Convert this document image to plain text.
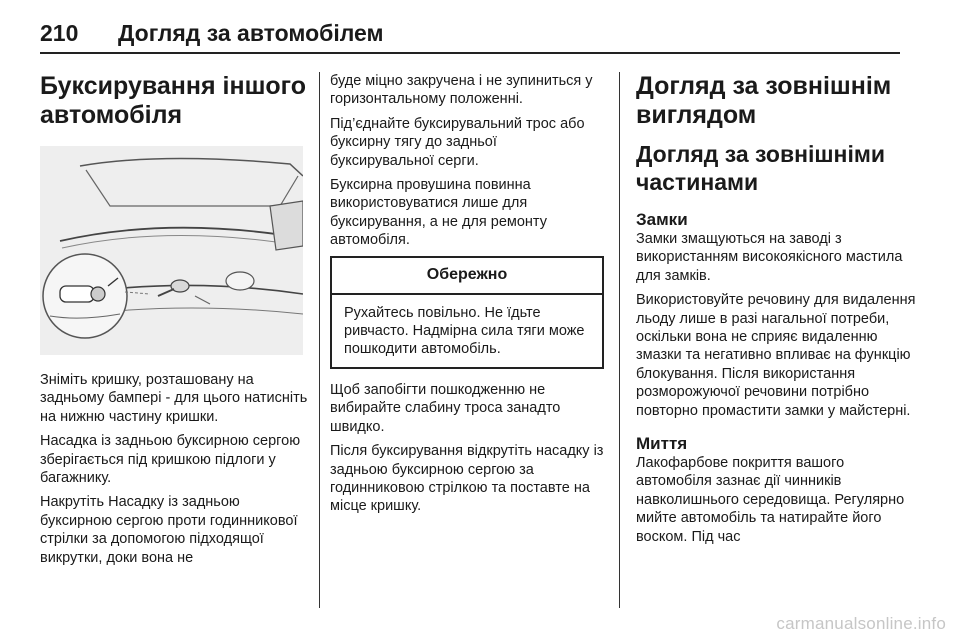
210 Догляд за автомобілем
Буксирування іншого автомобіля

Зніміть кришку, розташовану на задньому бампері - для цього натисніть на нижню частину кришки.

Насадка із задньою буксирною сергою зберігається під кришкою підлоги у багажнику.

Накрутіть Насадку із задньою буксирною сергою проти годинникової стрілки за допомогою підходящої викрутки, доки вона не

буде міцно закручена і не зупиниться у горизонтальному положенні.

Під’єднайте буксирувальний трос або буксирну тягу до задньої буксирувальної серги.

Буксирна провушина повинна використовуватися лише для буксирування, а не для ремонту автомобіля.

Обережно
Рухайтесь повільно. Не їдьте ривчасто. Надмірна сила тяги може пошкодити автомобіль.

Щоб запобігти пошкодженню не вибирайте слабину троса занадто швидко.

Після буксирування відкрутіть насадку із задньою буксирною сергою за годинниковою стрілкою та поставте на місце кришку.

Догляд за зовнішнім виглядом
Догляд за зовнішніми частинами
Замки

Замки змащуються на заводі з використанням високоякісного мастила для замків.

Використовуйте речовину для видалення льоду лише в разі нагальної потреби, оскільки вона не сприяє видаленню змазки та негативно впливає на функцію блокування. Після використання розморожуючої речовини потрібно повторно промастити замки у майстерні.

Миття

Лакофарбове покриття вашого автомобіля зазнає дії чинників навколишнього середовища. Регулярно мийте автомобіль та натирайте його воском. Під час

carmanualsonline.info
